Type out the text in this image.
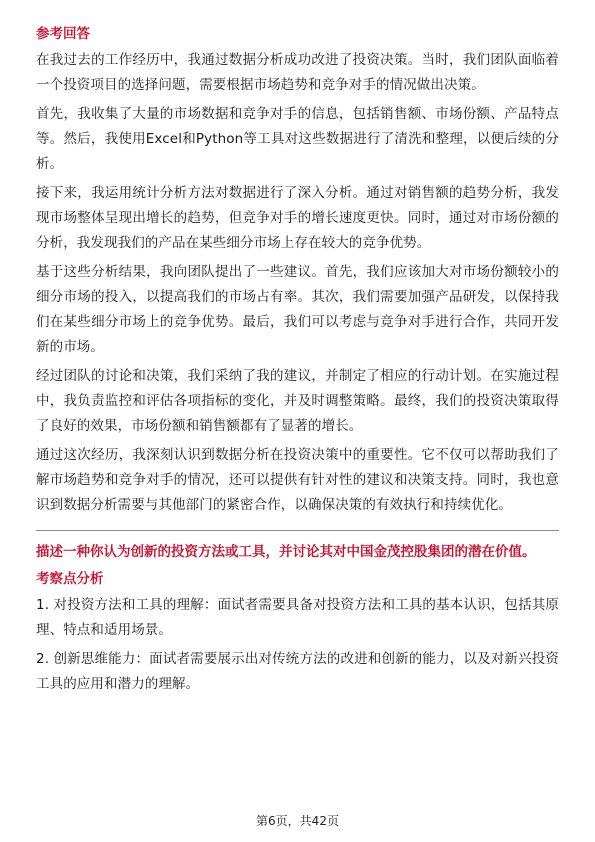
参考回答

在我过去的工作经历中，我通过数据分析成功改进了投资决策。当时，我们团队面临着一个投资项目的选择问题，需要根据市场趋势和竞争对手的情况做出决策。

首先，我收集了大量的市场数据和竞争对手的信息，包括销售额、市场份额、产品特点等。然后，我使用Excel和Python等工具对这些数据进行了清洗和整理，以便后续的分析。

接下来，我运用统计分析方法对数据进行了深入分析。通过对销售额的趋势分析，我发现市场整体呈现出增长的趋势，但竞争对手的增长速度更快。同时，通过对市场份额的分析，我发现我们的产品在某些细分市场上存在较大的竞争优势。

基于这些分析结果，我向团队提出了一些建议。首先，我们应该加大对市场份额较小的细分市场的投入，以提高我们的市场占有率。其次，我们需要加强产品研发，以保持我们在某些细分市场上的竞争优势。最后，我们可以考虑与竞争对手进行合作，共同开发新的市场。

经过团队的讨论和决策，我们采纳了我的建议，并制定了相应的行动计划。在实施过程中，我负责监控和评估各项指标的变化，并及时调整策略。最终，我们的投资决策取得了良好的效果，市场份额和销售额都有了显著的增长。

通过这次经历，我深刻认识到数据分析在投资决策中的重要性。它不仅可以帮助我们了解市场趋势和竞争对手的情况，还可以提供有针对性的建议和决策支持。同时，我也意识到数据分析需要与其他部门的紧密合作，以确保决策的有效执行和持续优化。

描述一种你认为创新的投资方法或工具，并讨论其对中国金茂控股集团的潜在价值。
考察点分析

1. 对投资方法和工具的理解：面试者需要具备对投资方法和工具的基本认识，包括其原理、特点和适用场景。

2. 创新思维能力：面试者需要展示出对传统方法的改进和创新的能力，以及对新兴投资工具的应用和潜力的理解。

第6页，共42页
